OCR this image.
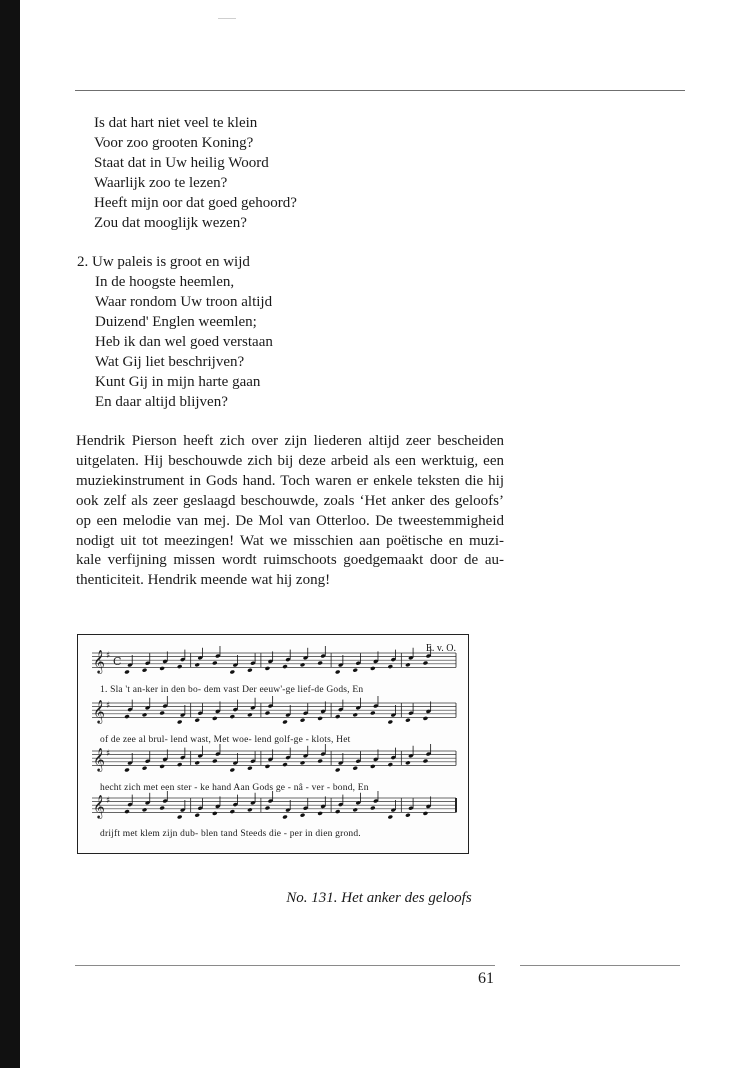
Is dat hart niet veel te klein
Voor zoo grooten Koning?
Staat dat in Uw heilig Woord
Waarlijk zoo te lezen?
Heeft mijn oor dat goed gehoord?
Zou dat mooglijk wezen?
2. Uw paleis is groot en wijd
In de hoogste heemlen,
Waar rondom Uw troon altijd
Duizend' Englen weemlen;
Heb ik dan wel goed verstaan
Wat Gij liet beschrijven?
Kunt Gij in mijn harte gaan
En daar altijd blijven?
Hendrik Pierson heeft zich over zijn liederen altijd zeer bescheiden
uitgelaten. Hij beschouwde zich bij deze arbeid als een werktuig, een
muziekinstrument in Gods hand. Toch waren er enkele teksten die hij
ook zelf als zeer geslaagd beschouwde, zoals ‘Het anker des geloofs’
op een melodie van mej. De Mol van Otterloo. De tweestemmigheid
nodigt uit tot meezingen! Wat we misschien aan poëtische en muzi-
kale verfijning missen wordt ruimschoots goedgemaakt door de au-
thenticiteit. Hendrik meende wat hij zong!
𝄞 ♯ C
𝄞 ♯
𝄞 ♯
𝄞 ♯
E. v. O.
1. Sla 't an-ker in den bo- dem vast Der eeuw'-ge lief-de Gods, En
of de zee al brul- lend wast, Met woe- lend golf-ge - klots, Het
hecht zich met een ster - ke hand Aan Gods ge - nâ - ver - bond, En
drijft met klem zijn dub- blen tand Steeds die - per in dien grond.
No. 131. Het anker des geloofs
61
